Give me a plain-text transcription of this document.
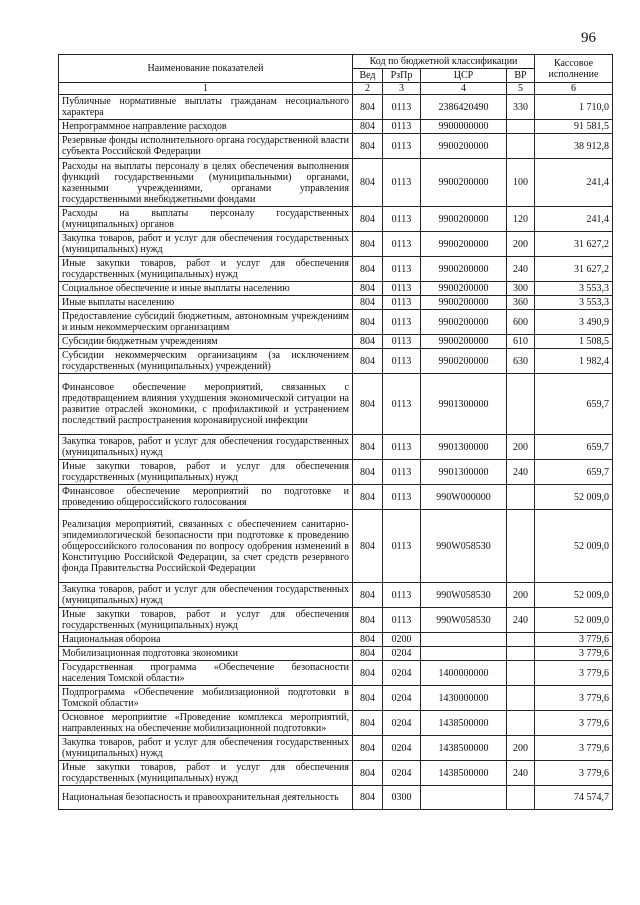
96
Наименование показателей	Код по бюджетной классификации				Кассовое исполнение
	Вед	РзПр	ЦСР	ВР	
1	2	3	4	5	6
Публичные нормативные выплаты гражданам несоциального характера	804	0113	2386420490	330	1 710,0
Непрограммное направление расходов	804	0113	9900000000		91 581,5
Резервные фонды исполнительного органа государственной власти субъекта Российской Федерации	804	0113	9900200000		38 912,8
Расходы на выплаты персоналу в целях обеспечения выполнения функций государственными (муниципальными) органами, казенными учреждениями, органами управления государственными внебюджетными фондами	804	0113	9900200000	100	241,4
Расходы на выплаты персоналу государственных (муниципальных) органов	804	0113	9900200000	120	241,4
Закупка товаров, работ и услуг для обеспечения государственных (муниципальных) нужд	804	0113	9900200000	200	31 627,2
Иные закупки товаров, работ и услуг для обеспечения государственных (муниципальных) нужд	804	0113	9900200000	240	31 627,2
Социальное обеспечение и иные выплаты населению	804	0113	9900200000	300	3 553,3
Иные выплаты населению	804	0113	9900200000	360	3 553,3
Предоставление субсидий бюджетным, автономным учреждениям и иным некоммерческим организациям	804	0113	9900200000	600	3 490,9
Субсидии бюджетным учреждениям	804	0113	9900200000	610	1 508,5
Субсидии некоммерческим организациям (за исключением государственных (муниципальных) учреждений)	804	0113	9900200000	630	1 982,4
Финансовое обеспечение мероприятий, связанных с предотвращением влияния ухудшения экономической ситуации на развитие отраслей экономики, с профилактикой и устранением последствий распространения коронавирусной инфекции	804	0113	9901300000		659,7
Закупка товаров, работ и услуг для обеспечения государственных (муниципальных) нужд	804	0113	9901300000	200	659,7
Иные закупки товаров, работ и услуг для обеспечения государственных (муниципальных) нужд	804	0113	9901300000	240	659,7
Финансовое обеспечение мероприятий по подготовке и проведению общероссийского голосования	804	0113	990W000000		52 009,0
Реализация мероприятий, связанных с обеспечением санитарно- эпидемиологической безопасности при подготовке к проведению общероссийского голосования по вопросу одобрения изменений в Конституцию Российской Федерации, за счет средств резервного фонда Правительства Российской Федерации	804	0113	990W058530		52 009,0
Закупка товаров, работ и услуг для обеспечения государственных (муниципальных) нужд	804	0113	990W058530	200	52 009,0
Иные закупки товаров, работ и услуг для обеспечения государственных (муниципальных) нужд	804	0113	990W058530	240	52 009,0
Национальная оборона	804	0200			3 779,6
Мобилизационная подготовка экономики	804	0204			3 779,6
Государственная программа «Обеспечение безопасности населения Томской области»	804	0204	1400000000		3 779,6
Подпрограмма «Обеспечение мобилизационной подготовки в Томской области»	804	0204	1430000000		3 779,6
Основное мероприятие «Проведение комплекса мероприятий, направленных на обеспечение мобилизационной подготовки»	804	0204	1438500000		3 779,6
Закупка товаров, работ и услуг для обеспечения государственных (муниципальных) нужд	804	0204	1438500000	200	3 779,6
Иные закупки товаров, работ и услуг для обеспечения государственных (муниципальных) нужд	804	0204	1438500000	240	3 779,6
Национальная безопасность и правоохранительная деятельность	804	0300			74 574,7
